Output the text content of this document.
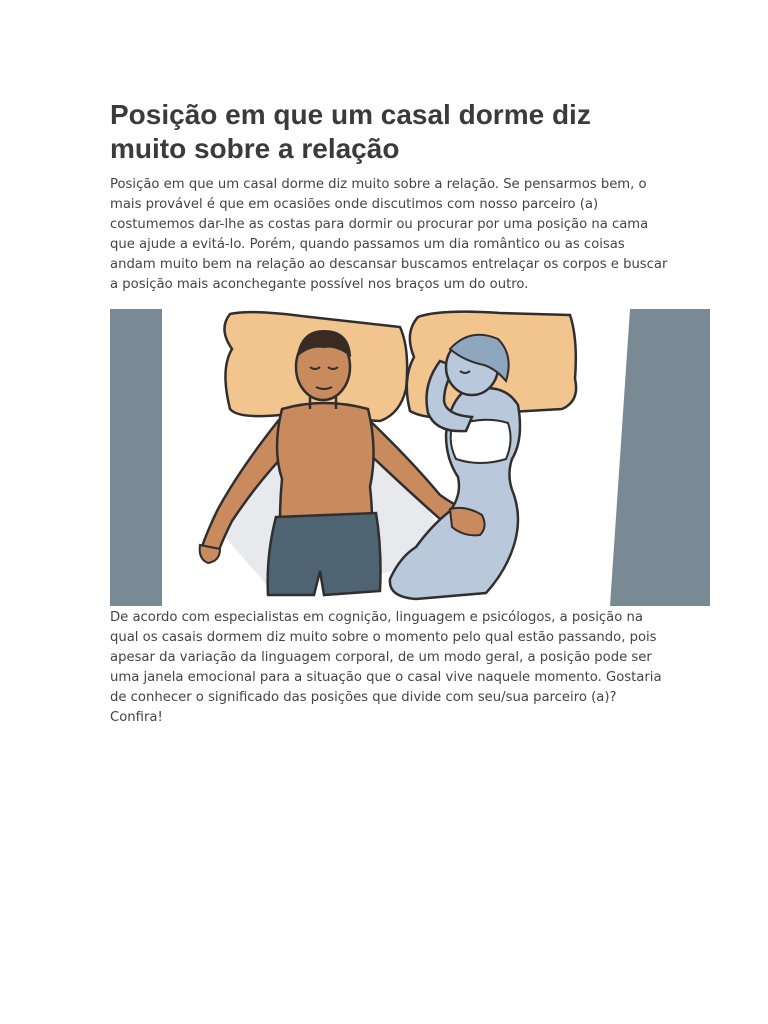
Posição em que um casal dorme diz muito sobre a relação

Posição em que um casal dorme diz muito sobre a relação. Se pensarmos bem, o mais provável é que em ocasiões onde discutimos com nosso parceiro (a) costumemos dar-lhe as costas para dormir ou procurar por uma posição na cama que ajude a evitá-lo. Porém, quando passamos um dia romântico ou as coisas andam muito bem na relação ao descansar buscamos entrelaçar os corpos e buscar a posição mais aconchegante possível nos braços um do outro.

De acordo com especialistas em cognição, linguagem e psicólogos, a posição na qual os casais dormem diz muito sobre o momento pelo qual estão passando, pois apesar da variação da linguagem corporal, de um modo geral, a posição pode ser uma janela emocional para a situação que o casal vive naquele momento. Gostaria de conhecer o significado das posições que divide com seu/sua parceiro (a)? Confira!
